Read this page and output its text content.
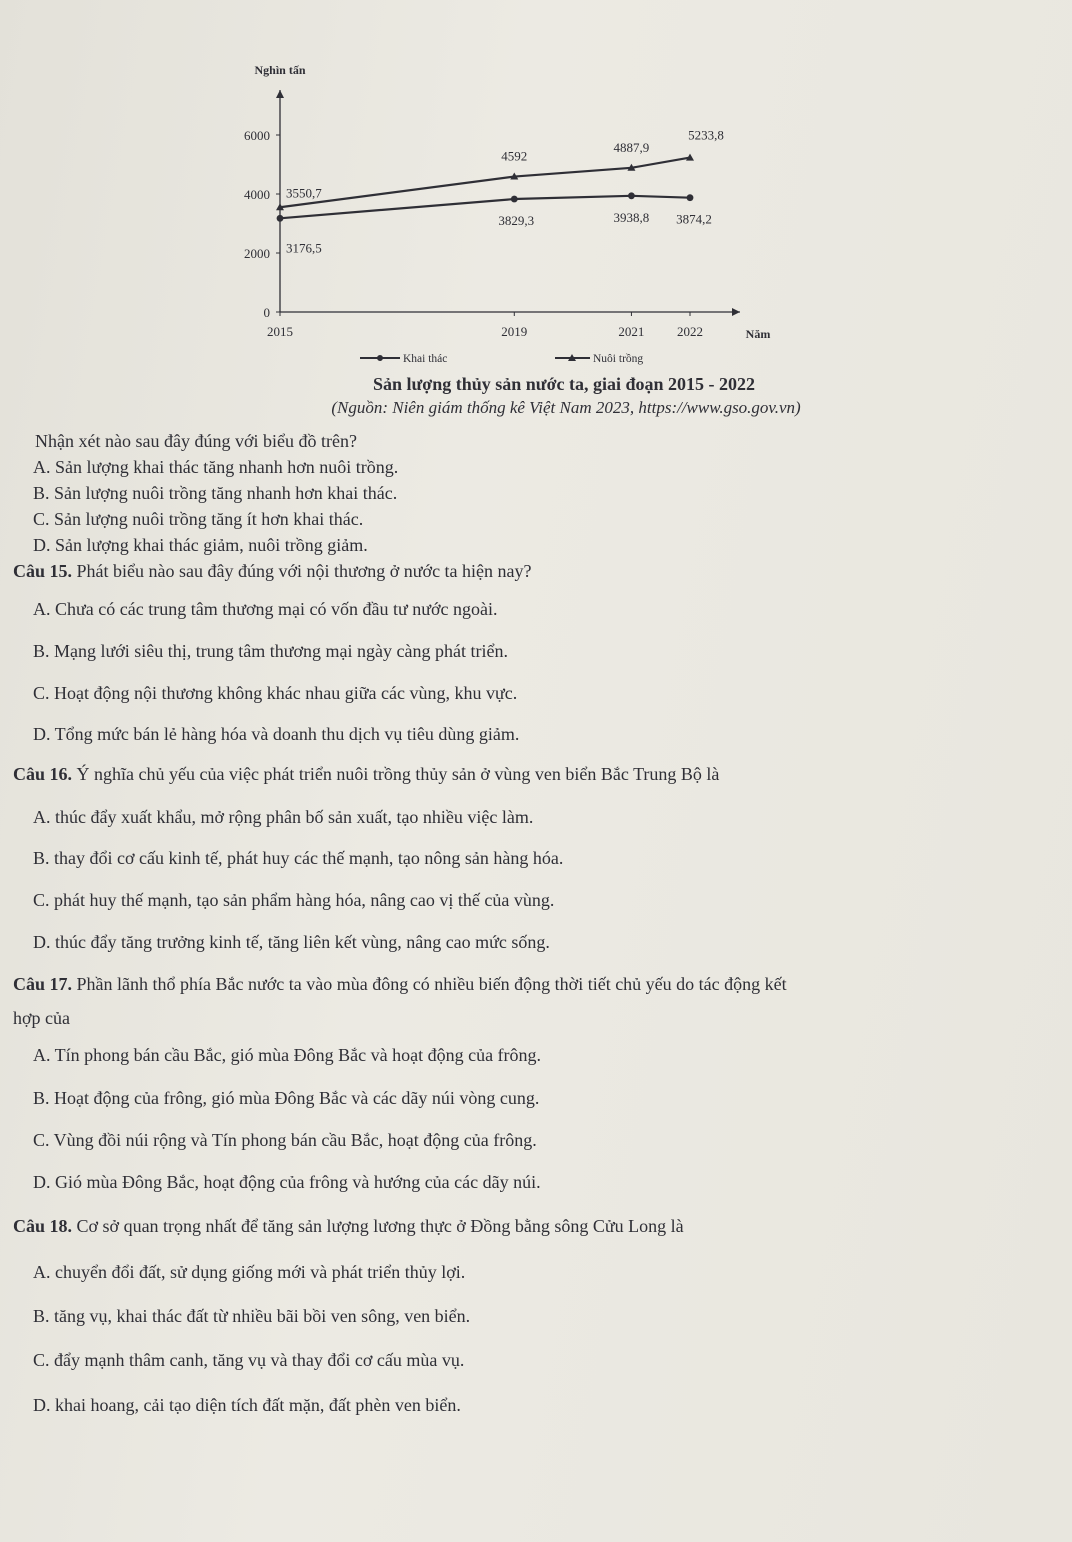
Nghìn tấn
Năm
0
2000
4000
6000
2015	2019	2021	2022
3176,5
3829,3	3938,8 3874,2
3550,7
4592
4887,9
5233,8
Khai thác	Nuôi trồng
Sản lượng thủy sản nước ta, giai đoạn 2015 - 2022
(Nguồn: Niên giám thống kê Việt Nam 2023, https://www.gso.gov.vn)
Nhận xét nào sau đây đúng với biểu đồ trên?
A. Sản lượng khai thác tăng nhanh hơn nuôi trồng.
B. Sản lượng nuôi trồng tăng nhanh hơn khai thác.
C. Sản lượng nuôi trồng tăng ít hơn khai thác.
D. Sản lượng khai thác giảm, nuôi trồng giảm.
Câu 15. Phát biểu nào sau đây đúng với nội thương ở nước ta hiện nay?
A. Chưa có các trung tâm thương mại có vốn đầu tư nước ngoài.
B. Mạng lưới siêu thị, trung tâm thương mại ngày càng phát triển.
C. Hoạt động nội thương không khác nhau giữa các vùng, khu vực.
D. Tổng mức bán lẻ hàng hóa và doanh thu dịch vụ tiêu dùng giảm.
Câu 16. Ý nghĩa chủ yếu của việc phát triển nuôi trồng thủy sản ở vùng ven biển Bắc Trung Bộ là
A. thúc đẩy xuất khẩu, mở rộng phân bố sản xuất, tạo nhiều việc làm.
B. thay đổi cơ cấu kinh tế, phát huy các thế mạnh, tạo nông sản hàng hóa.
C. phát huy thế mạnh, tạo sản phẩm hàng hóa, nâng cao vị thế của vùng.
D. thúc đẩy tăng trưởng kinh tế, tăng liên kết vùng, nâng cao mức sống.
Câu 17. Phần lãnh thổ phía Bắc nước ta vào mùa đông có nhiều biến động thời tiết chủ yếu do tác động kết
hợp của
A. Tín phong bán cầu Bắc, gió mùa Đông Bắc và hoạt động của frông.
B. Hoạt động của frông, gió mùa Đông Bắc và các dãy núi vòng cung.
C. Vùng đồi núi rộng và Tín phong bán cầu Bắc, hoạt động của frông.
D. Gió mùa Đông Bắc, hoạt động của frông và hướng của các dãy núi.
Câu 18. Cơ sở quan trọng nhất để tăng sản lượng lương thực ở Đồng bằng sông Cửu Long là
A. chuyển đổi đất, sử dụng giống mới và phát triển thủy lợi.
B. tăng vụ, khai thác đất từ nhiều bãi bồi ven sông, ven biển.
C. đẩy mạnh thâm canh, tăng vụ và thay đổi cơ cấu mùa vụ.
D. khai hoang, cải tạo diện tích đất mặn, đất phèn ven biển.
